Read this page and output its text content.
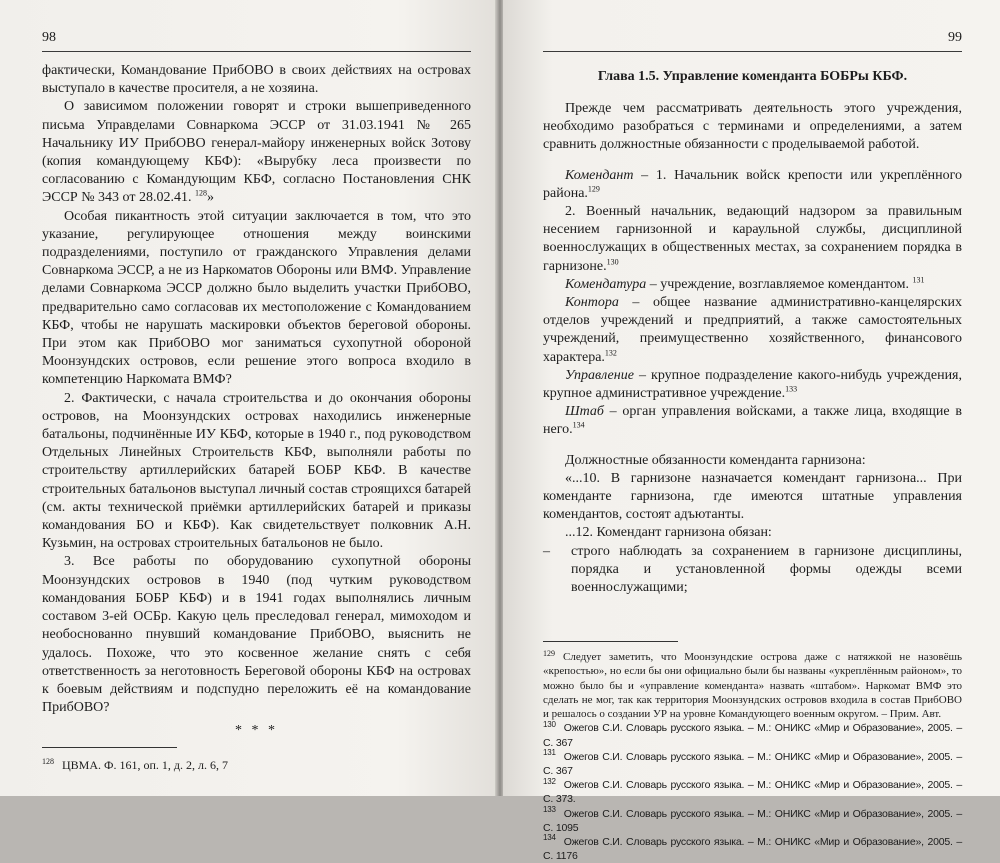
98

фактически, Командование ПрибОВО в своих действиях на островах выступало в качестве просителя, а не хозяина.

О зависимом положении говорят и строки вышеприведенного письма Управделами Совнаркома ЭССР от 31.03.1941 № 265 Начальнику ИУ ПрибОВО генерал-майору инженерных войск Зотову (копия командующему КБФ): «Вырубку леса произвести по согласованию с Командующим КБФ, согласно Постановления СНК ЭССР № 343 от 28.02.41. $^{128}$»

Особая пикантность этой ситуации заключается в том, что это указание, регулирующее отношения между воинскими подразделениями, поступило от гражданского Управления делами Совнаркома ЭССР, а не из Наркоматов Обороны или ВМФ. Управление делами Совнаркома ЭССР должно было выделить участки ПрибОВО, предварительно само согласовав их местоположение с Командованием КБФ, чтобы не нарушать маскировки объектов береговой обороны. При этом как ПрибОВО мог заниматься сухопутной обороной Моонзундских островов, если решение этого вопроса входило в компетенцию Наркомата ВМФ?

2. Фактически, с начала строительства и до окончания обороны островов, на Моонзундских островах находились инженерные батальоны, подчинённые ИУ КБФ, которые в 1940 г., под руководством Отдельных Линейных Строительств КБФ, выполняли работы по строительству артиллерийских батарей БОБР КБФ. В качестве строительных батальонов выступал личный состав строящихся батарей (см. акты технической приёмки артиллерийских батарей и приказы командования БО и КБФ). Как свидетельствует полковник А.Н. Кузьмин, на островах строительных батальонов не было.

3. Все работы по оборудованию сухопутной обороны Моонзундских островов в 1940 (под чутким руководством командования БОБР КБФ) и в 1941 годах выполнялись личным составом 3-ей ОСБр. Какую цель преследовал генерал, мимоходом и необоснованно пнувший командование ПрибОВО, выяснить не удалось. Похоже, что это косвенное желание снять с себя ответственность за неготовность Береговой обороны КБФ на островах к боевым действиям и подспудно переложить её на командование ПрибОВО?

* * *
$^{128}$ ЦВМА. Ф. 161, оп. 1, д. 2, л. 6, 7
99
Глава 1.5. Управление коменданта БОБРы КБФ.

Прежде чем рассматривать деятельность этого учреждения, необходимо разобраться с терминами и определениями, а затем сравнить должностные обязанности с проделываемой работой.

Комендант – 1. Начальник войск крепости или укреплённого района.$^{129}$

2. Военный начальник, ведающий надзором за правильным несением гарнизонной и караульной службы, дисциплиной военнослужащих в общественных местах, за сохранением порядка в гарнизоне.$^{130}$

Комендатура – учреждение, возглавляемое комендантом. $^{131}$

Контора – общее название административно-канцелярских отделов учреждений и предприятий, а также самостоятельных учреждений, преимущественно хозяйственного, финансового характера.$^{132}$

Управление – крупное подразделение какого-нибудь учреждения, крупное административное учреждение.$^{133}$

Штаб – орган управления войсками, а также лица, входящие в него.$^{134}$

Должностные обязанности коменданта гарнизона:

«...10. В гарнизоне назначается комендант гарнизона... При коменданте гарнизона, где имеются штатные управления комендантов, состоят адъютанты.

...12. Комендант гарнизона обязан:

–	строго наблюдать за сохранением в гарнизоне дисциплины, порядка и установленной формы одежды всеми военнослужащими;

$^{129}$ Следует заметить, что Моонзундские острова даже с натяжкой не назовёшь «крепостью», но если бы они официально были бы названы «укреплённым районом», то можно было бы и «управление коменданта» назвать «штабом». Наркомат ВМФ это сделать не мог, так как территория Моонзундских островов входила в состав ПрибОВО и решалось о создании УР на уровне Командующего военным округом. – Прим. Авт.
$^{130}$ Ожегов С.И. Словарь русского языка. – М.: ОНИКС «Мир и Образование», 2005. – С. 367
$^{131}$ Ожегов С.И. Словарь русского языка. – М.: ОНИКС «Мир и Образование», 2005. – С. 367
$^{132}$ Ожегов С.И. Словарь русского языка. – М.: ОНИКС «Мир и Образование», 2005. – С. 373.
$^{133}$ Ожегов С.И. Словарь русского языка. – М.: ОНИКС «Мир и Образование», 2005. – С. 1095
$^{134}$ Ожегов С.И. Словарь русского языка. – М.: ОНИКС «Мир и Образование», 2005. – С. 1176
